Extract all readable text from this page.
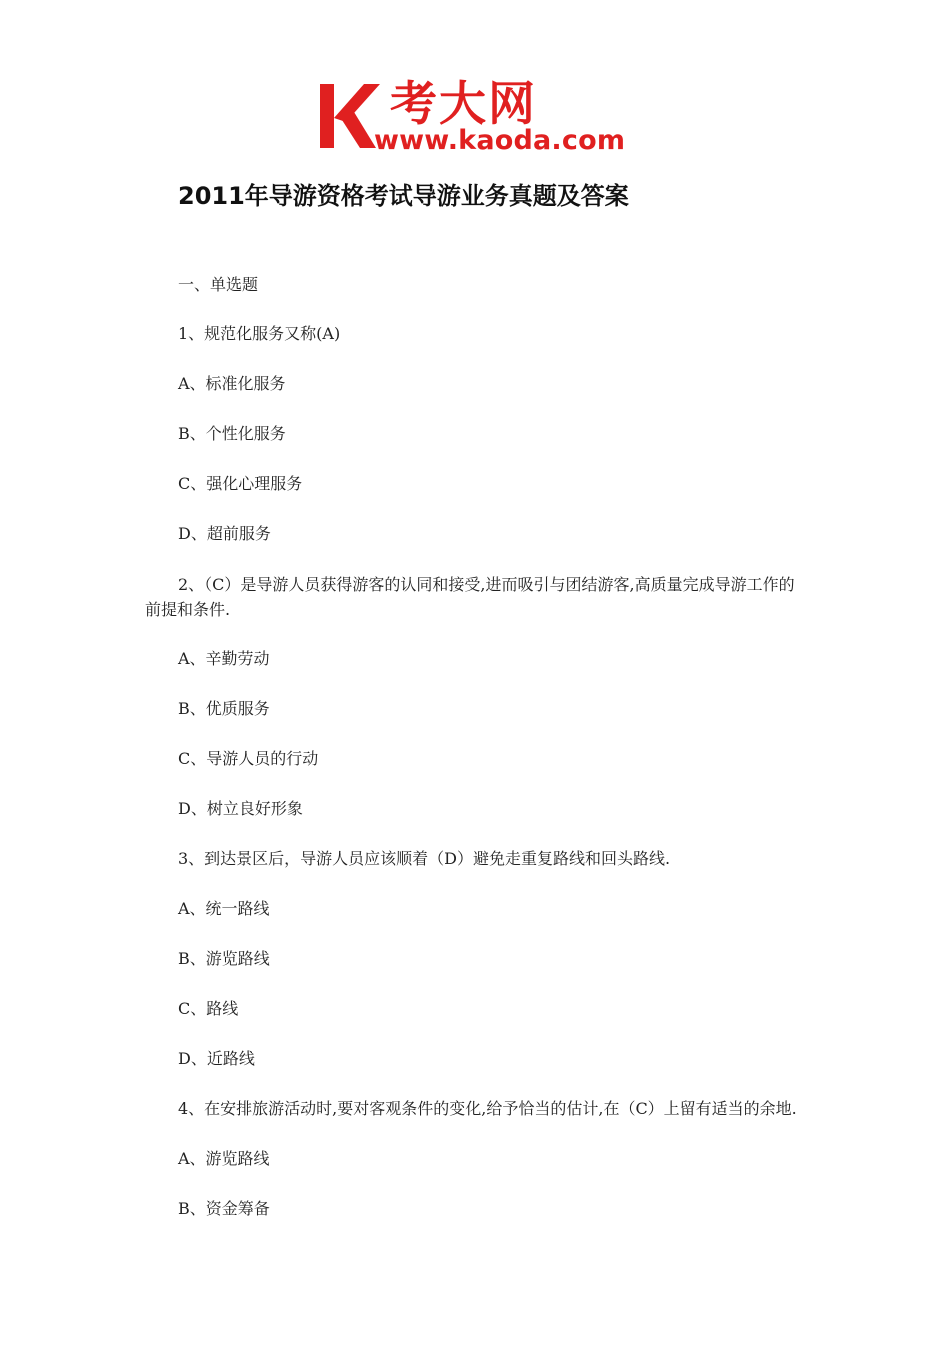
考大网
www.kaoda.com
2011年导游资格考试导游业务真题及答案
一、单选题
1、规范化服务又称(A)
A、标准化服务
B、个性化服务
C、强化心理服务
D、超前服务
2、（C）是导游人员获得游客的认同和接受,进而吸引与团结游客,高质量完成导游工作的前提和条件.
A、辛勤劳动
B、优质服务
C、导游人员的行动
D、树立良好形象
3、到达景区后，导游人员应该顺着（D）避免走重复路线和回头路线.
A、统一路线
B、游览路线
C、路线
D、近路线
4、在安排旅游活动时,要对客观条件的变化,给予恰当的估计,在（C）上留有适当的余地.
A、游览路线
B、资金筹备
